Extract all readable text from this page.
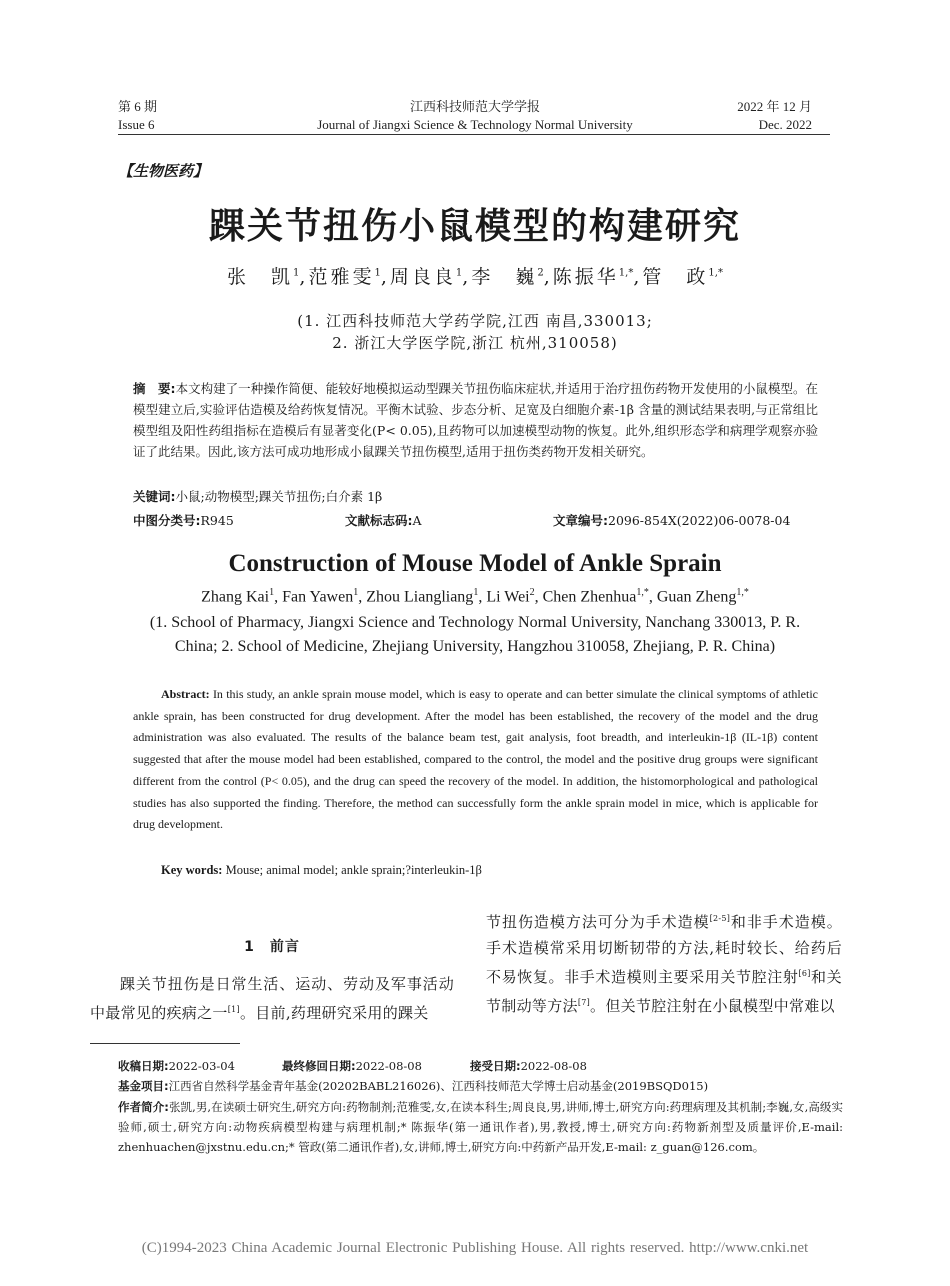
第 6 期
Issue 6
江西科技师范大学学报
Journal of Jiangxi Science & Technology Normal University
2022 年 12 月
Dec. 2022
【生物医药】
踝关节扭伤小鼠模型的构建研究
张　凯$^1$,范雅雯$^1$,周良良$^1$,李　巍$^2$,陈振华$^{1,*}$,管　政$^{1,*}$
(1. 江西科技师范大学药学院,江西 南昌,330013;
2. 浙江大学医学院,浙江 杭州,310058)
摘　要:本文构建了一种操作简便、能较好地模拟运动型踝关节扭伤临床症状,并适用于治疗扭伤药物开发使用的小鼠模型。在模型建立后,实验评估造模及给药恢复情况。平衡木试验、步态分析、足宽及白细胞介素-1β 含量的测试结果表明,与正常组比模型组及阳性药组指标在造模后有显著变化(P< 0.05),且药物可以加速模型动物的恢复。此外,组织形态学和病理学观察亦验证了此结果。因此,该方法可成功地形成小鼠踝关节扭伤模型,适用于扭伤类药物开发相关研究。
关键词:小鼠;动物模型;踝关节扭伤;白介素 1β
中图分类号:R945	文献标志码:A	文章编号:2096-854X(2022)06-0078-04
Construction of Mouse Model of Ankle Sprain
Zhang Kai$^1$, Fan Yawen$^1$, Zhou Liangliang$^1$, Li Wei$^2$, Chen Zhenhua$^{1,*}$, Guan Zheng$^{1,*}$
(1. School of Pharmacy, Jiangxi Science and Technology Normal University, Nanchang 330013, P. R. China; 2. School of Medicine, Zhejiang University, Hangzhou 310058, Zhejiang, P. R. China)
Abstract: In this study, an ankle sprain mouse model, which is easy to operate and can better simulate the clinical symptoms of athletic ankle sprain, has been constructed for drug development. After the model has been established, the recovery of the model and the drug administration was also evaluated. The results of the balance beam test, gait analysis, foot breadth, and interleukin-1β (IL-1β) content suggested that after the mouse model had been established, compared to the control, the model and the positive drug groups were significant different from the control (P< 0.05), and the drug can speed the recovery of the model. In addition, the histomorphological and pathological studies has also supported the finding. Therefore, the method can successfully form the ankle sprain model in mice, which is applicable for drug development.
Key words: Mouse; animal model; ankle sprain;?interleukin-1β
1　前言
踝关节扭伤是日常生活、运动、劳动及军事活动中最常见的疾病之一[1]。目前,药理研究采用的踝关
节扭伤造模方法可分为手术造模[2-5]和非手术造模。手术造模常采用切断韧带的方法,耗时较长、给药后不易恢复。非手术造模则主要采用关节腔注射[6]和关节制动等方法[7]。但关节腔注射在小鼠模型中常难以
收稿日期:2022-03-04	最终修回日期:2022-08-08	接受日期:2022-08-08
基金项目:江西省自然科学基金青年基金(20202BABL216026)、江西科技师范大学博士启动基金(2019BSQD015)
作者简介:张凯,男,在读硕士研究生,研究方向:药物制剂;范雅雯,女,在读本科生;周良良,男,讲师,博士,研究方向:药理病理及其机制;李巍,女,高级实验师,硕士,研究方向:动物疾病模型构建与病理机制;* 陈振华(第一通讯作者),男,教授,博士,研究方向:药物新剂型及质量评价,E-mail: zhenhuachen@jxstnu.edu.cn;* 管政(第二通讯作者),女,讲师,博士,研究方向:中药新产品开发,E-mail: z_guan@126.com。
(C)1994-2023 China Academic Journal Electronic Publishing House. All rights reserved. http://www.cnki.net
